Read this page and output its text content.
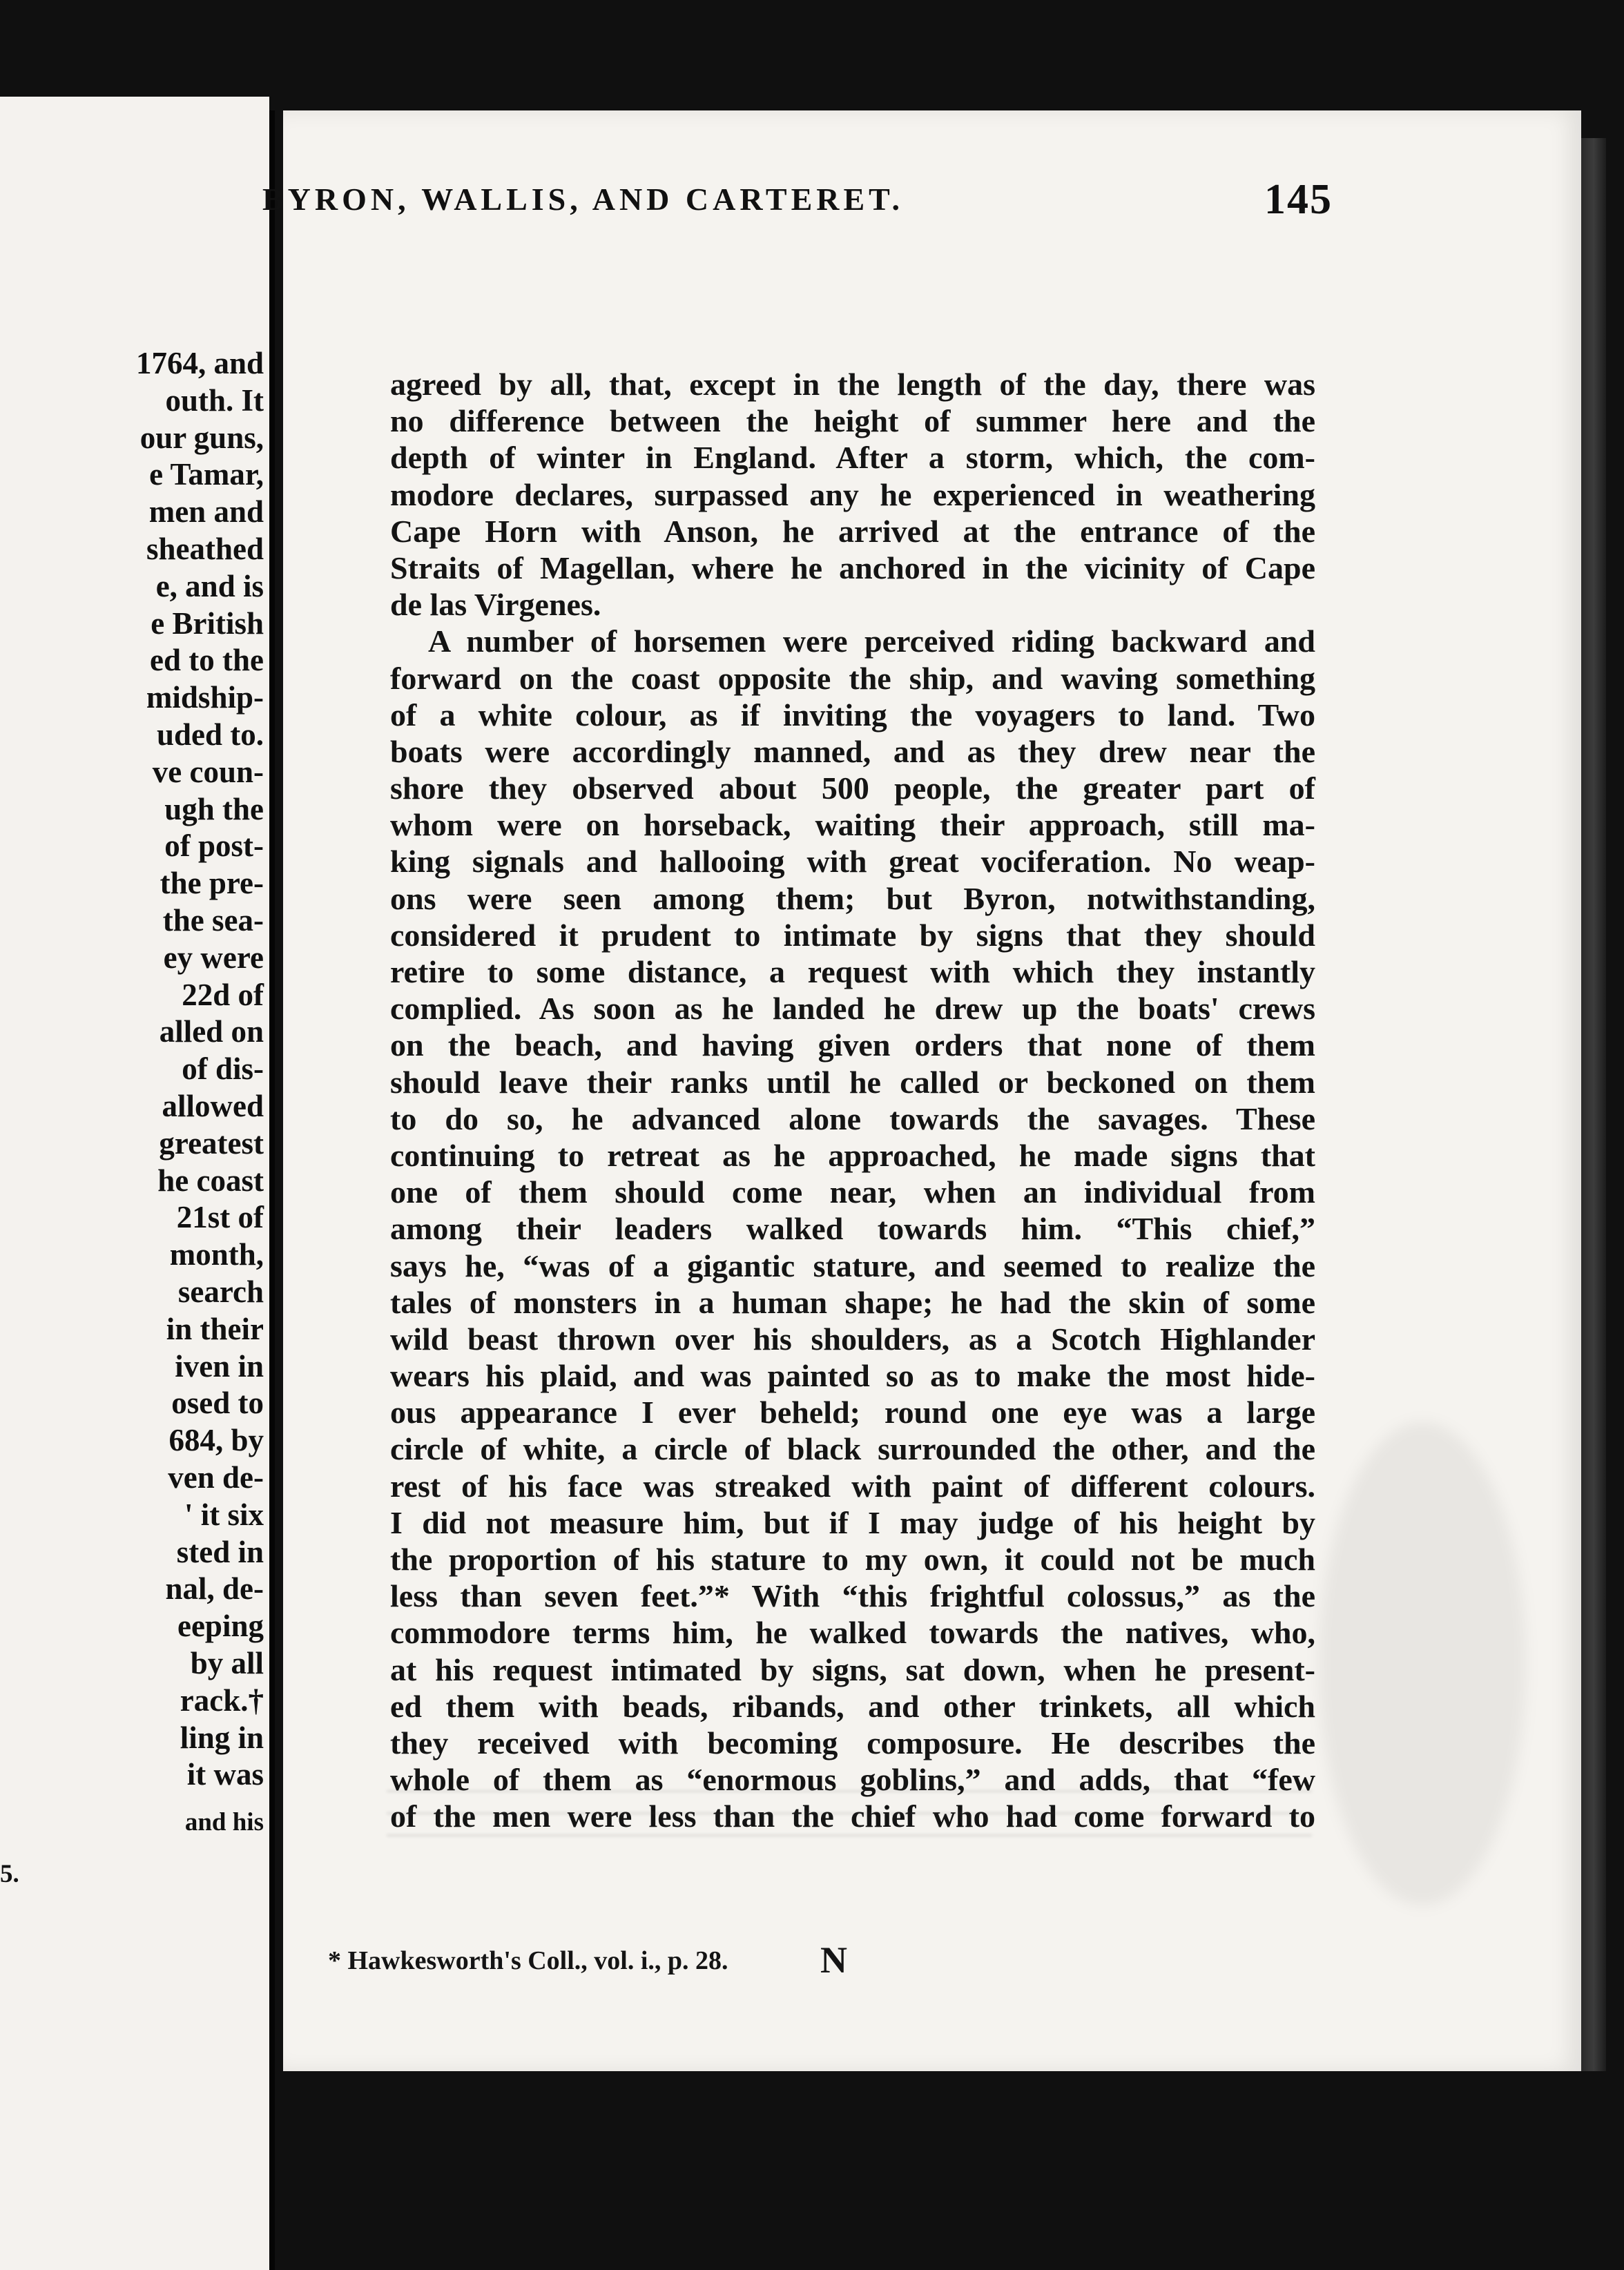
1764, and
outh. It
our guns,
e Tamar,
men and
sheathed
e, and is
e British
ed to the
midship-
uded to.
ve coun-
ugh the
of post-
the pre-
the sea-
ey were
22d of
alled on
of dis-
allowed
greatest
he coast
21st of
month,
search
in their
iven in
osed to
684, by
ven de-
' it six
sted in
nal, de-
eeping
by all
rack.†
ling in
it was
and his
5.
BYRON, WALLIS, AND CARTERET.	145
agreed by all, that, except in the length of the day, there was
no difference between the height of summer here and the
depth of winter in England. After a storm, which, the com-
modore declares, surpassed any he experienced in weathering
Cape Horn with Anson, he arrived at the entrance of the
Straits of Magellan, where he anchored in the vicinity of Cape
de las Virgenes.
A number of horsemen were perceived riding backward and
forward on the coast opposite the ship, and waving something
of a white colour, as if inviting the voyagers to land. Two
boats were accordingly manned, and as they drew near the
shore they observed about 500 people, the greater part of
whom were on horseback, waiting their approach, still ma-
king signals and hallooing with great vociferation. No weap-
ons were seen among them; but Byron, notwithstanding,
considered it prudent to intimate by signs that they should
retire to some distance, a request with which they instantly
complied. As soon as he landed he drew up the boats' crews
on the beach, and having given orders that none of them
should leave their ranks until he called or beckoned on them
to do so, he advanced alone towards the savages. These
continuing to retreat as he approached, he made signs that
one of them should come near, when an individual from
among their leaders walked towards him. “This chief,”
says he, “was of a gigantic stature, and seemed to realize the
tales of monsters in a human shape; he had the skin of some
wild beast thrown over his shoulders, as a Scotch Highlander
wears his plaid, and was painted so as to make the most hide-
ous appearance I ever beheld; round one eye was a large
circle of white, a circle of black surrounded the other, and the
rest of his face was streaked with paint of different colours.
I did not measure him, but if I may judge of his height by
the proportion of his stature to my own, it could not be much
less than seven feet.”* With “this frightful colossus,” as the
commodore terms him, he walked towards the natives, who,
at his request intimated by signs, sat down, when he present-
ed them with beads, ribands, and other trinkets, all which
they received with becoming composure. He describes the
whole of them as “enormous goblins,” and adds, that “few
of the men were less than the chief who had come forward to
* Hawkesworth's Coll., vol. i., p. 28. N
